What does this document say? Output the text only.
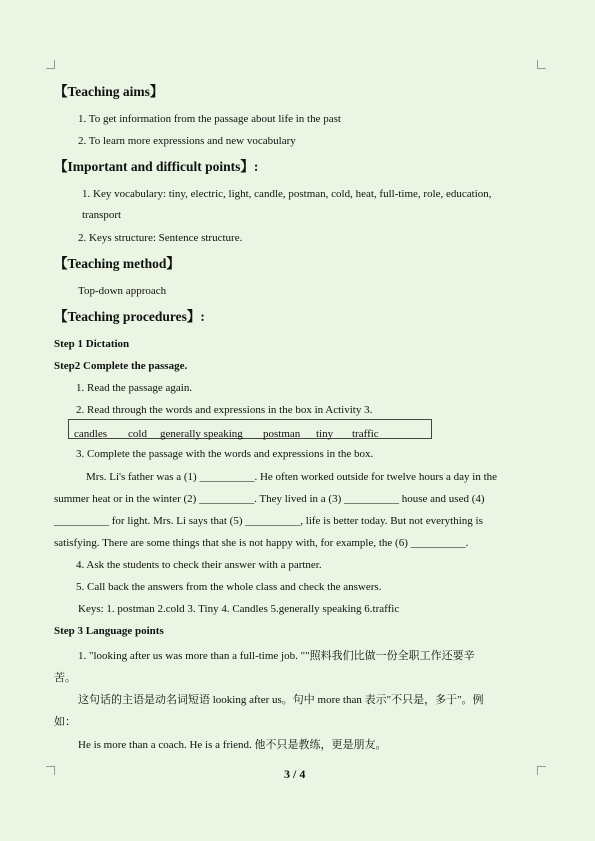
【Teaching aims】
1. To get information from the passage about life in the past
2. To learn more expressions and new vocabulary
【Important and difficult points】:
1. Key vocabulary: tiny, electric, light, candle, postman, cold, heat, full-time, role, education,
transport
2. Keys structure: Sentence structure.
【Teaching method】
Top-down approach
【Teaching procedures】:
Step 1 Dictation
Step2 Complete the passage.
1. Read the passage again.
2. Read through the words and expressions in the box in Activity 3.
candles cold generally speaking postman tiny traffic
3. Complete the passage with the words and expressions in the box.
Mrs. Li's father was a (1) __________. He often worked outside for twelve hours a day in the
summer heat or in the winter (2) __________. They lived in a (3) __________ house and used (4)
__________ for light. Mrs. Li says that (5) __________, life is better today. But not everything is
satisfying. There are some things that she is not happy with, for example, the (6) __________.
4. Ask the students to check their answer with a partner.
5. Call back the answers from the whole class and check the answers.
Keys: 1. postman 2.cold 3. Tiny 4. Candles 5.generally speaking 6.traffic
Step 3 Language points
1. "looking after us was more than a full-time job. ""照料我们比做一份全职工作还要辛
苦。
这句话的主语是动名词短语 looking after us。句中 more than 表示"不只是，多于"。例
如：
He is more than a coach. He is a friend. 他不只是教练，更是朋友。
3 / 4
